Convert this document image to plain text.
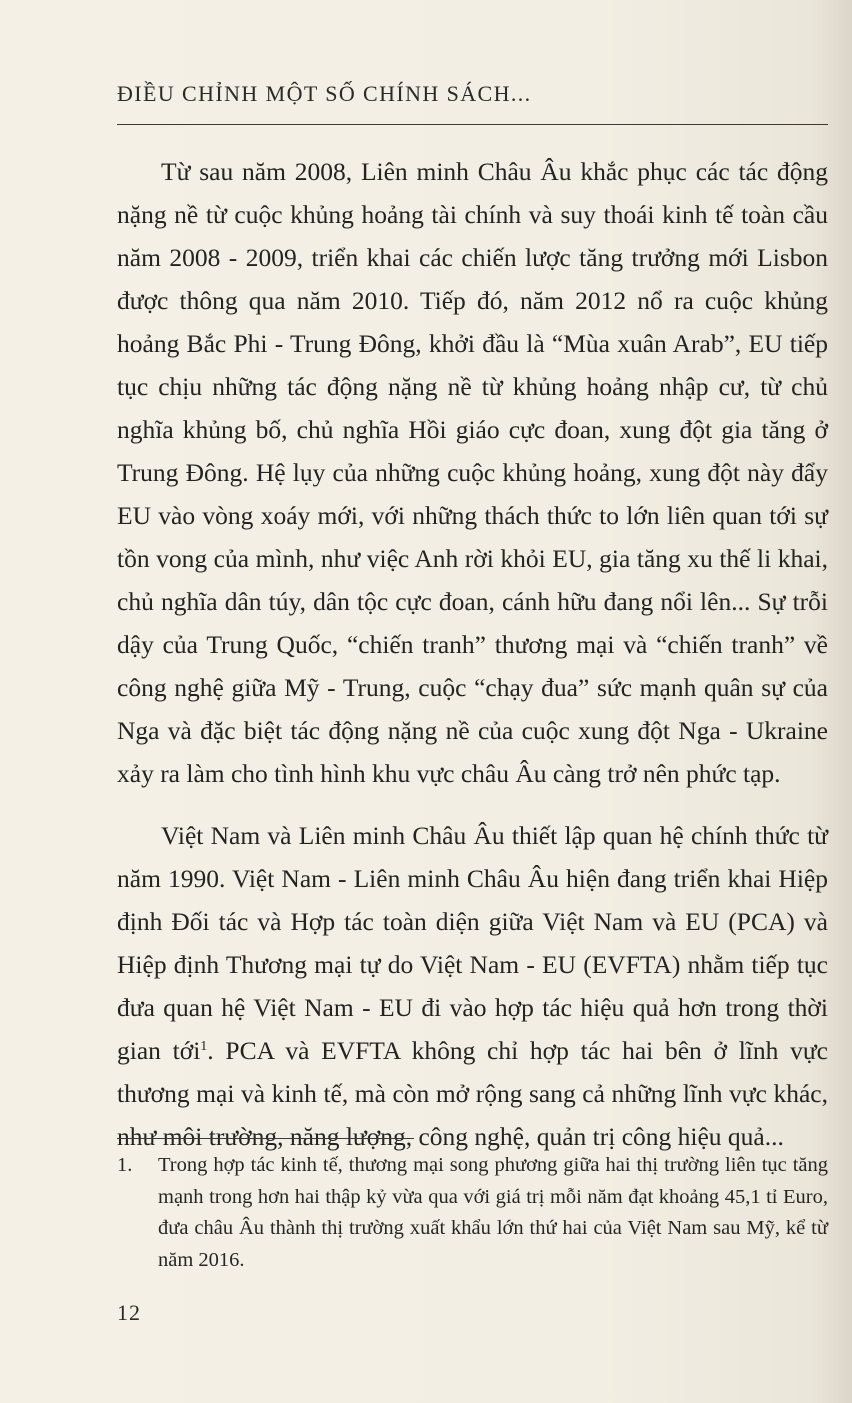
ĐIỀU CHỈNH MỘT SỐ CHÍNH SÁCH...

Từ sau năm 2008, Liên minh Châu Âu khắc phục các tác động nặng nề từ cuộc khủng hoảng tài chính và suy thoái kinh tế toàn cầu năm 2008 - 2009, triển khai các chiến lược tăng trưởng mới Lisbon được thông qua năm 2010. Tiếp đó, năm 2012 nổ ra cuộc khủng hoảng Bắc Phi - Trung Đông, khởi đầu là “Mùa xuân Arab”, EU tiếp tục chịu những tác động nặng nề từ khủng hoảng nhập cư, từ chủ nghĩa khủng bố, chủ nghĩa Hồi giáo cực đoan, xung đột gia tăng ở Trung Đông. Hệ lụy của những cuộc khủng hoảng, xung đột này đẩy EU vào vòng xoáy mới, với những thách thức to lớn liên quan tới sự tồn vong của mình, như việc Anh rời khỏi EU, gia tăng xu thế li khai, chủ nghĩa dân túy, dân tộc cực đoan, cánh hữu đang nổi lên... Sự trỗi dậy của Trung Quốc, “chiến tranh” thương mại và “chiến tranh” về công nghệ giữa Mỹ - Trung, cuộc “chạy đua” sức mạnh quân sự của Nga và đặc biệt tác động nặng nề của cuộc xung đột Nga - Ukraine xảy ra làm cho tình hình khu vực châu Âu càng trở nên phức tạp.

Việt Nam và Liên minh Châu Âu thiết lập quan hệ chính thức từ năm 1990. Việt Nam - Liên minh Châu Âu hiện đang triển khai Hiệp định Đối tác và Hợp tác toàn diện giữa Việt Nam và EU (PCA) và Hiệp định Thương mại tự do Việt Nam - EU (EVFTA) nhằm tiếp tục đưa quan hệ Việt Nam - EU đi vào hợp tác hiệu quả hơn trong thời gian tới$^1$. PCA và EVFTA không chỉ hợp tác hai bên ở lĩnh vực thương mại và kinh tế, mà còn mở rộng sang cả những lĩnh vực khác, như môi trường, năng lượng, công nghệ, quản trị công hiệu quả...

1. Trong hợp tác kinh tế, thương mại song phương giữa hai thị trường liên tục tăng mạnh trong hơn hai thập kỷ vừa qua với giá trị mỗi năm đạt khoảng 45,1 tỉ Euro, đưa châu Âu thành thị trường xuất khẩu lớn thứ hai của Việt Nam sau Mỹ, kể từ năm 2016.
12
